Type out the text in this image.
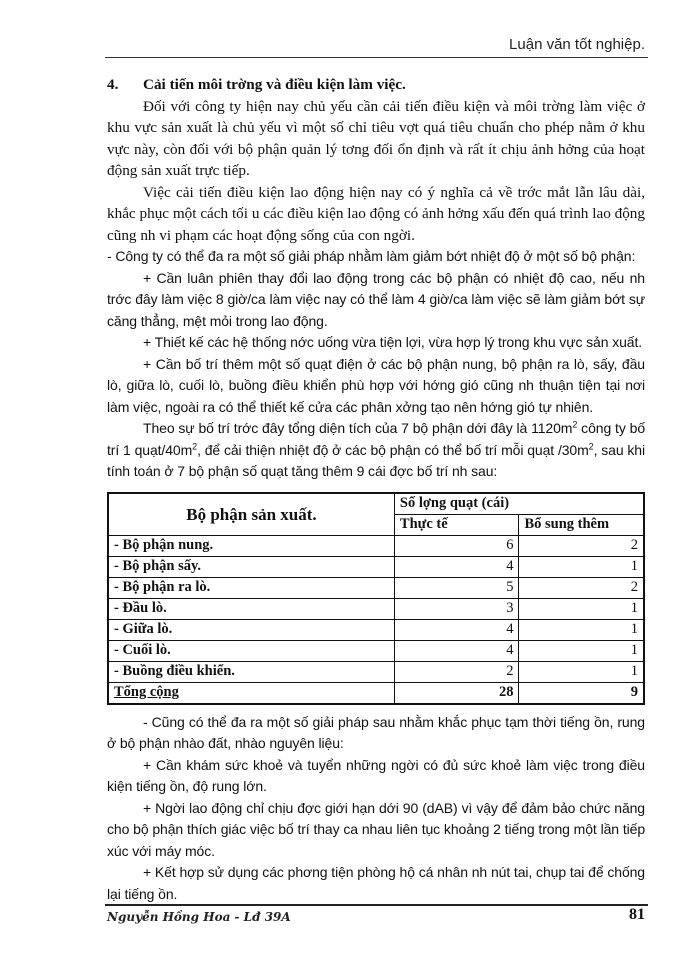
Luận văn tốt nghiệp.

4. Cải tiến môi trờng và điều kiện làm việc.

Đối với công ty hiện nay chủ yếu cần cải tiến điều kiện và môi trờng làm việc ở khu vực sản xuất là chủ yếu vì một số chỉ tiêu vợt quá tiêu chuẩn cho phép nằm ở khu vực này, còn đối với bộ phận quản lý tơng đối ổn định và rất ít chịu ảnh hởng của hoạt động sản xuất trực tiếp.

Việc cải tiến điều kiện lao động hiện nay có ý nghĩa cả về trớc mắt lẫn lâu dài, khắc phục một cách tối u các điều kiện lao động có ảnh hởng xấu đến quá trình lao động cũng nh vi phạm các hoạt động sống của con ngời.

- Công ty có thể đa ra một số giải pháp nhằm làm giảm bớt nhiệt độ ở một số bộ phận:

+ Cần luân phiên thay đổi lao động trong các bộ phận có nhiệt độ cao, nếu nh trớc đây làm việc 8 giờ/ca làm việc nay có thể làm 4 giờ/ca làm việc sẽ làm giảm bớt sự căng thẳng, mệt mỏi trong lao động.

+ Thiết kế các hệ thống nớc uống vừa tiện lợi, vừa hợp lý trong khu vực sản xuất.

+ Cần bố trí thêm một số quạt điện ở các bộ phận nung, bộ phận ra lò, sấy, đầu lò, giữa lò, cuối lò, buồng điều khiển phù hợp với hớng gió cũng nh thuận tiện tại nơi làm việc, ngoài ra có thể thiết kế cửa các phân xởng tạo nên hớng gió tự nhiên.

Theo sự bố trí trớc đây tổng diện tích của 7 bộ phận dới đây là $1120m^2$ công ty bố trí 1 quạt/$40m^2$, để cải thiện nhiệt độ ở các bộ phận có thể bố trí mỗi quạt $/30m^2$, sau khi tính toán ở 7 bộ phận số quạt tăng thêm 9 cái đợc bố trí nh sau:

Bộ phận sản xuất.	Số lợng quạt (cái)	
	Thực tế	Bổ sung thêm
- Bộ phận nung.	6	2
- Bộ phận sấy.	4	1
- Bộ phận ra lò.	5	2
- Đầu lò.	3	1
- Giữa lò.	4	1
- Cuối lò.	4	1
- Buồng điều khiển.	2	1
Tổng cộng	28	9

- Cũng có thể đa ra một số giải pháp sau nhằm khắc phục tạm thời tiếng ồn, rung ở bộ phận nhào đất, nhào nguyên liệu:

+ Cần khám sức khoẻ và tuyển những ngời có đủ sức khoẻ làm việc trong điều kiện tiếng ồn, độ rung lớn.

+ Ngời lao động chỉ chịu đợc giới hạn dới 90 (dAB) vì vậy để đảm bảo chức năng cho bộ phận thích giác việc bố trí thay ca nhau liên tục khoảng 2 tiếng trong một lần tiếp xúc với máy móc.

+ Kết hợp sử dụng các phơng tiện phòng hộ cá nhân nh nút tai, chụp tai để chống lại tiếng ồn.

Nguyễn Hồng Hoa - Lđ 39A	81
